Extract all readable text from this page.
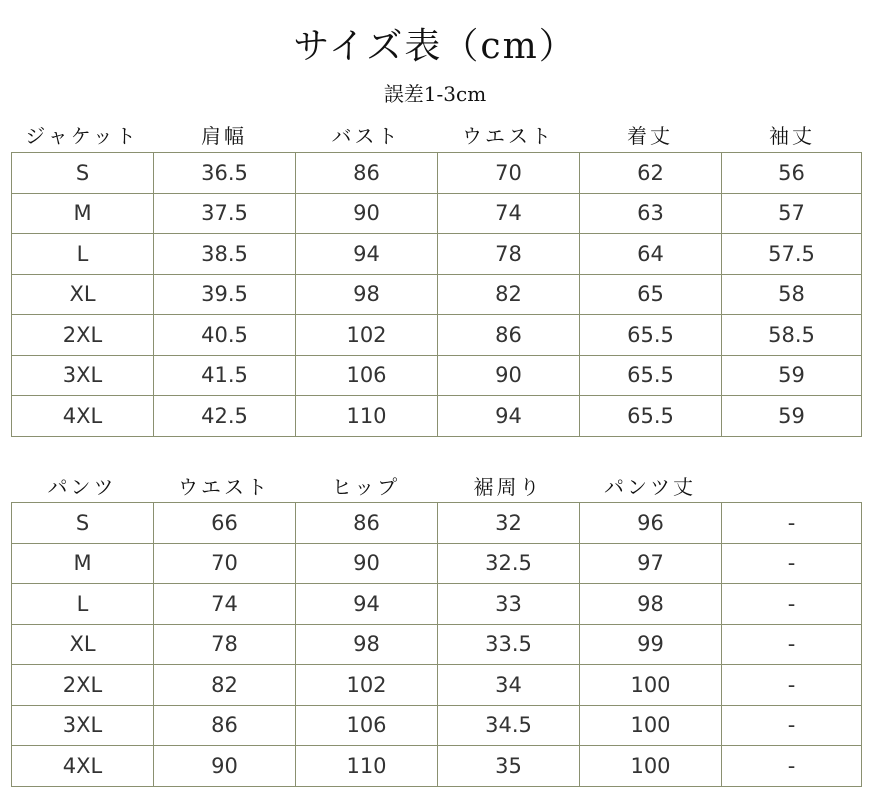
サイズ表（cm）
誤差1-3cm
ジャケット	肩幅	バスト	ウエスト	着丈	袖丈
S	36.5	86	70	62	56
M	37.5	90	74	63	57
L	38.5	94	78	64	57.5
XL	39.5	98	82	65	58
2XL	40.5	102	86	65.5	58.5
3XL	41.5	106	90	65.5	59
4XL	42.5	110	94	65.5	59
パンツ	ウエスト	ヒップ	裾周り	パンツ丈
S	66	86	32	96	-
M	70	90	32.5	97	-
L	74	94	33	98	-
XL	78	98	33.5	99	-
2XL	82	102	34	100	-
3XL	86	106	34.5	100	-
4XL	90	110	35	100	-
